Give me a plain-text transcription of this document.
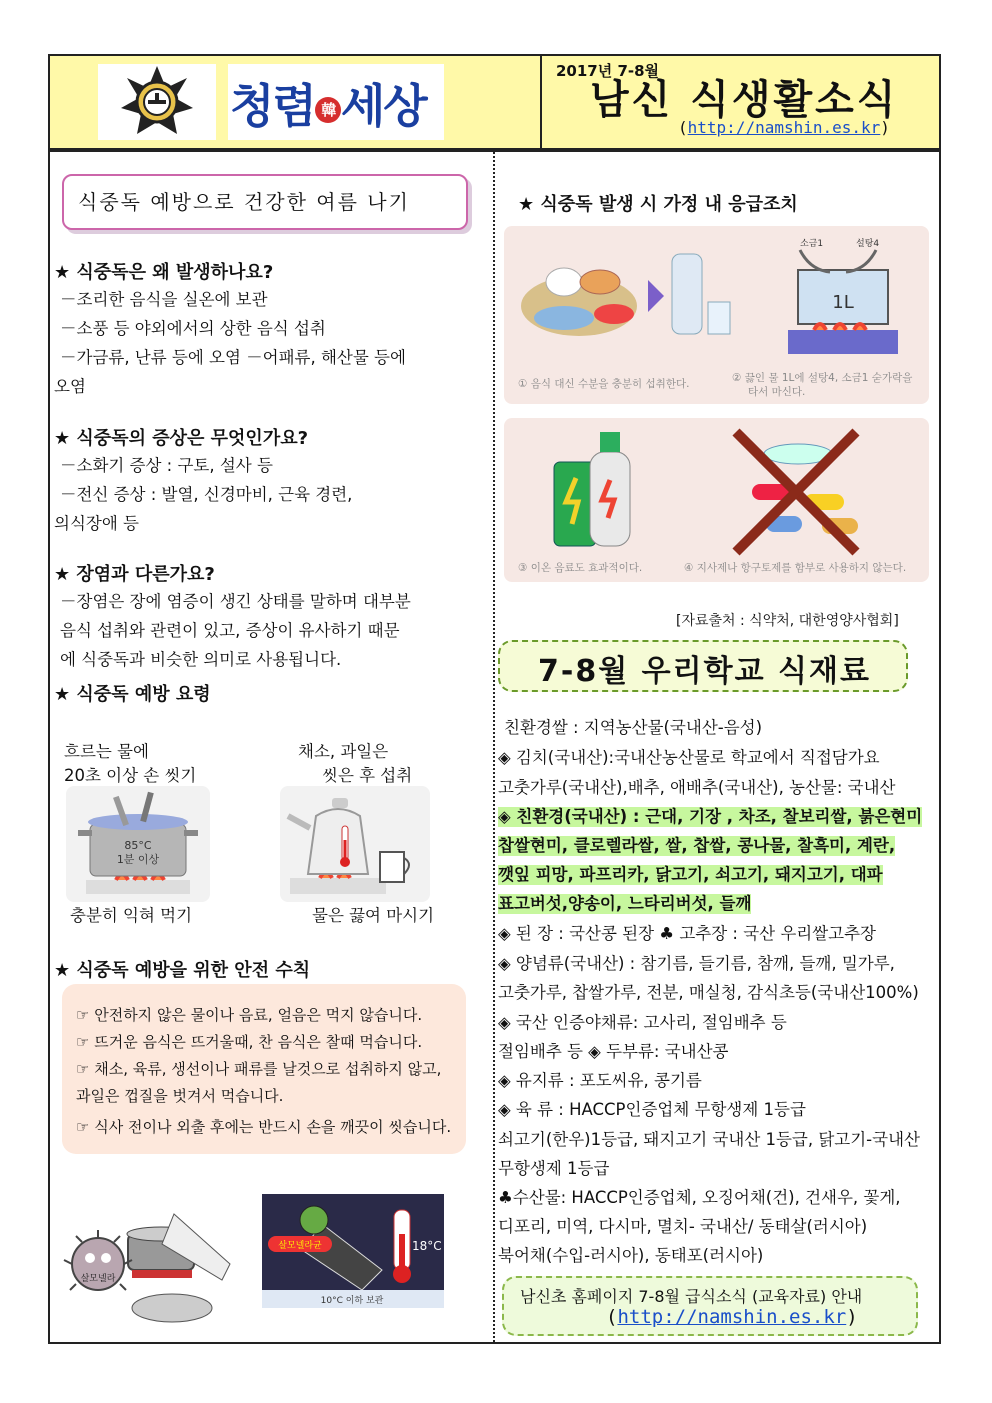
청렴 韓 세상
2017년 7-8월
남신 식생활소식
(http://namshin.es.kr)
식중독 예방으로 건강한 여름 나기
★ 식중독은 왜 발생하나요?
－조리한 음식을 실온에 보관
－소풍 등 야외에서의 상한 음식 섭취
－가금류, 난류 등에 오염 －어패류, 해산물 등에
오염
★ 식중독의 증상은 무엇인가요?
－소화기 증상 : 구토, 설사 등
－전신 증상 : 발열, 신경마비, 근육 경련,
의식장애 등
★ 장염과 다른가요?
－장염은 장에 염증이 생긴 상태를 말하며 대부분
음식 섭취와 관련이 있고, 증상이 유사하기 때문
에 식중독과 비슷한 의미로 사용됩니다.
★ 식중독 예방 요령
흐르는 물에
20초 이상 손 씻기
채소, 과일은
씻은 후 섭취
85°C
1분 이상
충분히 익혀 먹기	물은 끓여 마시기
★ 식중독 예방을 위한 안전 수칙
☞ 안전하지 않은 물이나 음료, 얼음은 먹지 않습니다.
☞ 뜨거운 음식은 뜨거울때, 찬 음식은 찰때 먹습니다.
☞ 채소, 육류, 생선이나 패류를 날것으로 섭취하지 않고,
과일은 껍질을 벗겨서 먹습니다.
☞ 식사 전이나 외출 후에는 반드시 손을 깨끗이 씻습니다.
살모넬라
18°C
살모넬라균
10°C 이하 보관
★ 식중독 발생 시 가정 내 응급조치
1L
소금1	설탕4
① 음식 대신 수분을 충분히 섭취한다.	② 끓인 물 1L에 설탕4, 소금1 숟가락을
타서 마신다.
③ 이온 음료도 효과적이다.	④ 지사제나 항구토제를 함부로 사용하지 않는다.
[자료출처 : 식약처, 대한영양사협회]
7-8월 우리학교 식재료
친환경쌀 : 지역농산물(국내산-음성)
◈ 김치(국내산):국내산농산물로 학교에서 직접담가요
고춧가루(국내산),배추, 애배추(국내산), 농산물: 국내산
◈ 친환경(국내산) : 근대, 기장 , 차조, 찰보리쌀, 붉은현미
찹쌀현미, 클로렐라쌀, 쌀, 찹쌀, 콩나물, 찰흑미, 계란,
깻잎 피망, 파프리카, 닭고기, 쇠고기, 돼지고기, 대파
표고버섯,양송이, 느타리버섯, 들깨
◈ 된 장 : 국산콩 된장 ♣ 고추장 : 국산 우리쌀고추장
◈ 양념류(국내산) : 참기름, 들기름, 참깨, 들깨, 밀가루,
고춧가루, 찹쌀가루, 전분, 매실청, 감식초등(국내산100%)
◈ 국산 인증야채류: 고사리, 절임배추 등
절임배추 등 ◈ 두부류: 국내산콩
◈ 유지류 : 포도씨유, 콩기름
◈ 육 류 : HACCP인증업체 무항생제 1등급
쇠고기(한우)1등급, 돼지고기 국내산 1등급, 닭고기-국내산
무항생제 1등급
♣수산물: HACCP인증업체, 오징어채(건), 건새우, 꽃게,
디포리, 미역, 다시마, 멸치- 국내산/ 동태살(러시아)
북어채(수입-러시아), 동태포(러시아)
남신초 홈페이지 7-8월 급식소식 (교육자료) 안내
(http://namshin.es.kr)
